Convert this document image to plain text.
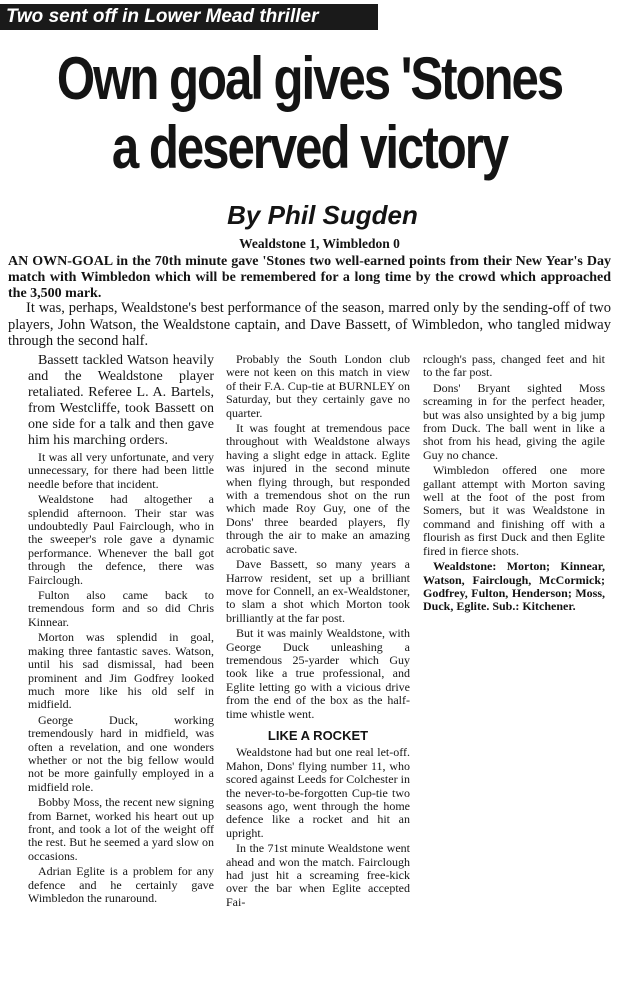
Two sent off in Lower Mead thriller
Own goal gives 'Stones
a deserved victory
By Phil Sugden
Wealdstone 1, Wimbledon 0
AN OWN-GOAL in the 70th minute gave 'Stones two well-earned points from their New Year's Day match with Wimbledon which will be remembered for a long time by the crowd which approached the 3,500 mark.
It was, perhaps, Wealdstone's best performance of the season, marred only by the sending-off of two players, John Watson, the Wealdstone captain, and Dave Bassett, of Wimbledon, who tangled midway through the second half.

Bassett tackled Watson heavily and the Wealdstone player retaliated. Referee L. A. Bartels, from Westcliffe, took Bassett on one side for a talk and then gave him his marching orders.

It was all very unfortunate, and very unnecessary, for there had been little needle before that incident.

Wealdstone had altogether a splendid afternoon. Their star was undoubtedly Paul Fairclough, who in the sweeper's role gave a dynamic performance. Whenever the ball got through the defence, there was Fairclough.

Fulton also came back to tremendous form and so did Chris Kinnear.

Morton was splendid in goal, making three fantastic saves. Watson, until his sad dismissal, had been prominent and Jim Godfrey looked much more like his old self in midfield.

George Duck, working tremendously hard in midfield, was often a revelation, and one wonders whether or not the big fellow would not be more gainfully employed in a midfield role.

Bobby Moss, the recent new signing from Barnet, worked his heart out up front, and took a lot of the weight off the rest. But he seemed a yard slow on occasions.

Adrian Eglite is a problem for any defence and he certainly gave Wimbledon the runaround.

Probably the South London club were not keen on this match in view of their F.A. Cup-tie at BURNLEY on Saturday, but they certainly gave no quarter.

It was fought at tremendous pace throughout with Wealdstone always having a slight edge in attack. Eglite was injured in the second minute when flying through, but responded with a tremendous shot on the run which made Roy Guy, one of the Dons' three bearded players, fly through the air to make an amazing acrobatic save.

Dave Bassett, so many years a Harrow resident, set up a brilliant move for Connell, an ex-Wealdstoner, to slam a shot which Morton took brilliantly at the far post.

But it was mainly Wealdstone, with George Duck unleashing a tremendous 25-yarder which Guy took like a true professional, and Eglite letting go with a vicious drive from the end of the box as the half-time whistle went.

LIKE A ROCKET

Wealdstone had but one real let-off. Mahon, Dons' flying number 11, who scored against Leeds for Colchester in the never-to-be-forgotten Cup-tie two seasons ago, went through the home defence like a rocket and hit an upright.

In the 71st minute Wealdstone went ahead and won the match. Fairclough had just hit a screaming free-kick over the bar when Eglite accepted Fai-

rclough's pass, changed feet and hit to the far post.

Dons' Bryant sighted Moss screaming in for the perfect header, but was also unsighted by a big jump from Duck. The ball went in like a shot from his head, giving the agile Guy no chance.

Wimbledon offered one more gallant attempt with Morton saving well at the foot of the post from Somers, but it was Wealdstone in command and finishing off with a flourish as first Duck and then Eglite fired in fierce shots.

Wealdstone: Morton; Kinnear, Watson, Fairclough, McCormick; Godfrey, Fulton, Henderson; Moss, Duck, Eglite. Sub.: Kitchener.
